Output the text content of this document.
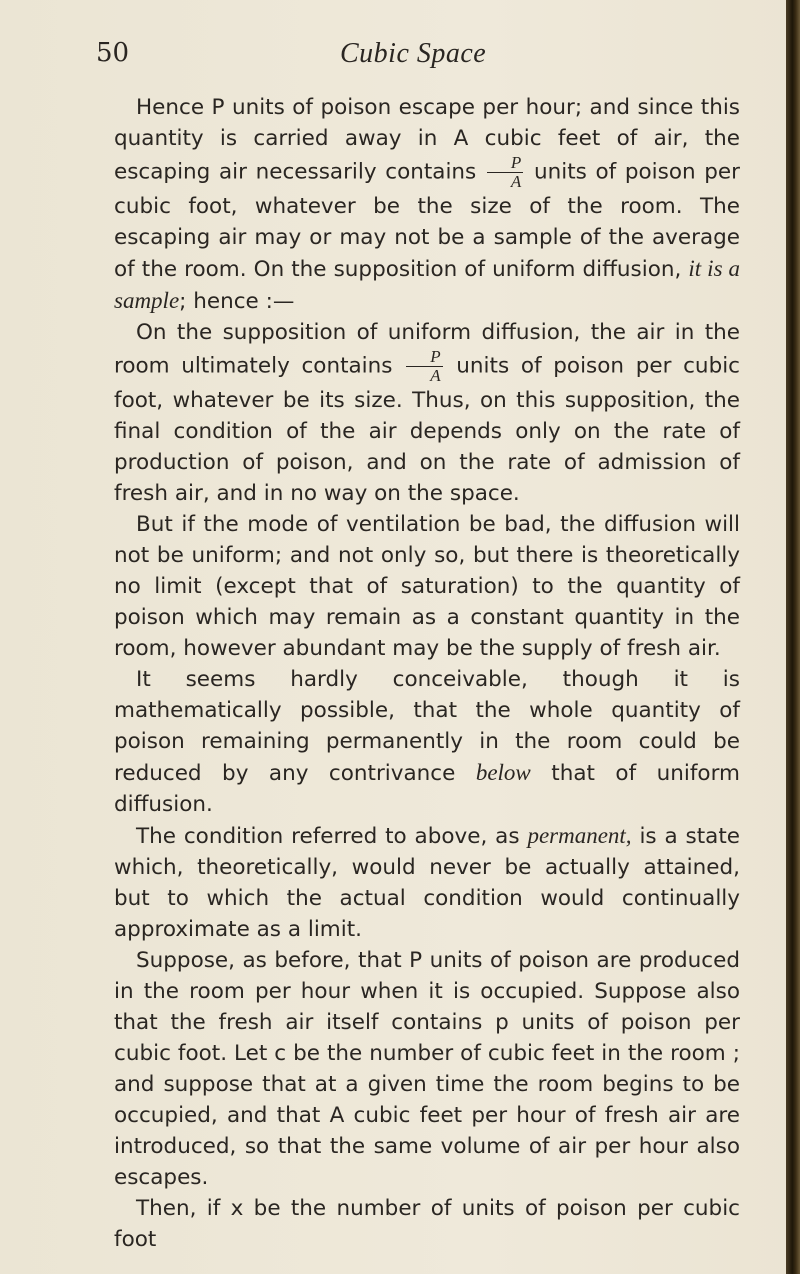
50	Cubic Space

Hence P units of poison escape per hour; and since this quantity is carried away in A cubic feet of air, the escaping air necessarily contains $\frac{P}{A}$ units of poison per cubic foot, whatever be the size of the room. The escaping air may or may not be a sample of the average of the room. On the supposition of uniform diffusion, it is a sample; hence :—

On the supposition of uniform diffusion, the air in the room ultimately contains $\frac{P}{A}$ units of poison per cubic foot, whatever be its size. Thus, on this supposition, the final condition of the air depends only on the rate of production of poison, and on the rate of admission of fresh air, and in no way on the space.

But if the mode of ventilation be bad, the diffusion will not be uniform; and not only so, but there is theoretically no limit (except that of saturation) to the quantity of poison which may remain as a constant quantity in the room, however abundant may be the supply of fresh air.

It seems hardly conceivable, though it is mathematically possible, that the whole quantity of poison remaining permanently in the room could be reduced by any contrivance below that of uniform diffusion.

The condition referred to above, as permanent, is a state which, theoretically, would never be actually attained, but to which the actual condition would continually approximate as a limit.

Suppose, as before, that P units of poison are produced in the room per hour when it is occupied. Suppose also that the fresh air itself contains p units of poison per cubic foot. Let c be the number of cubic feet in the room ; and suppose that at a given time the room begins to be occupied, and that A cubic feet per hour of fresh air are introduced, so that the same volume of air per hour also escapes.

Then, if x be the number of units of poison per cubic foot
